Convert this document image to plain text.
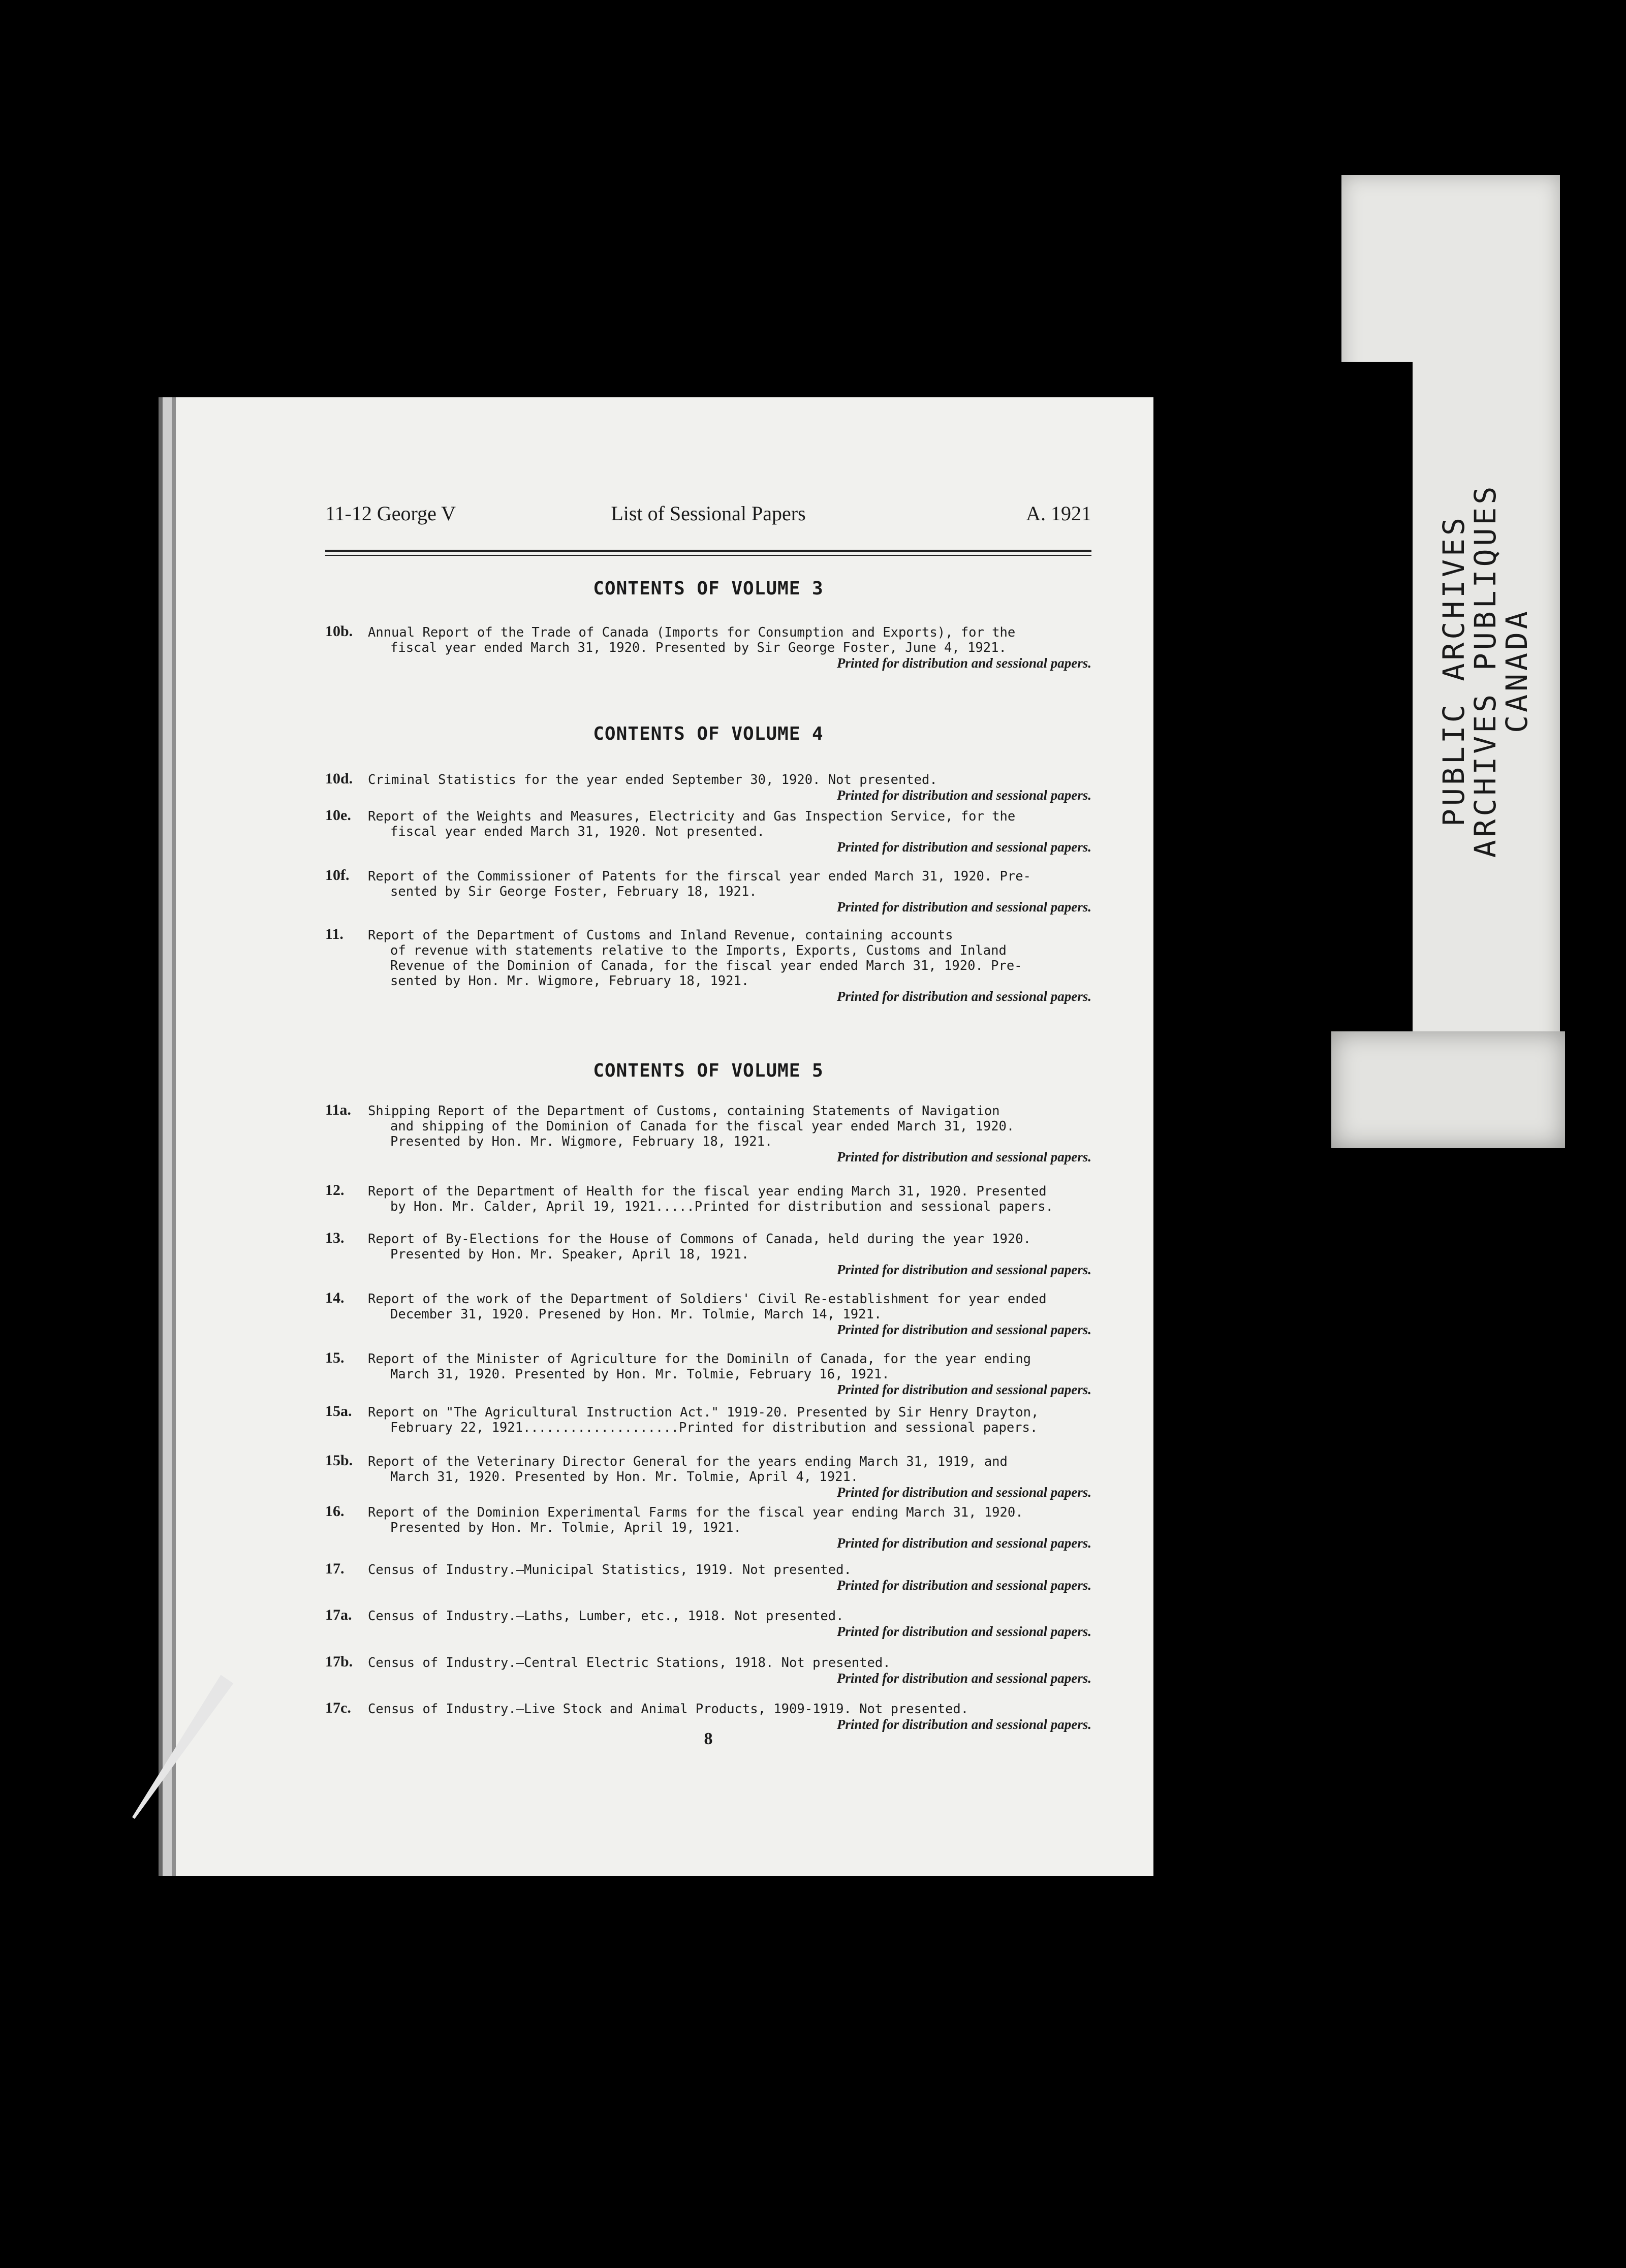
11-12 George V	List of Sessional Papers	A. 1921
CONTENTS OF VOLUME 3
10b.	Annual Report of the Trade of Canada (Imports for Consumption and Exports), for the
fiscal year ended March 31, 1920. Presented by Sir George Foster, June 4, 1921.
Printed for distribution and sessional papers.
CONTENTS OF VOLUME 4
10d.	Criminal Statistics for the year ended September 30, 1920. Not presented.
Printed for distribution and sessional papers.
10e.	Report of the Weights and Measures, Electricity and Gas Inspection Service, for the
fiscal year ended March 31, 1920. Not presented.
Printed for distribution and sessional papers.
10f.	Report of the Commissioner of Patents for the firscal year ended March 31, 1920. Pre-
sented by Sir George Foster, February 18, 1921.
Printed for distribution and sessional papers.
11.	Report of the Department of Customs and Inland Revenue, containing accounts
of revenue with statements relative to the Imports, Exports, Customs and Inland
Revenue of the Dominion of Canada, for the fiscal year ended March 31, 1920. Pre-
sented by Hon. Mr. Wigmore, February 18, 1921.
Printed for distribution and sessional papers.
CONTENTS OF VOLUME 5
11a.	Shipping Report of the Department of Customs, containing Statements of Navigation
and shipping of the Dominion of Canada for the fiscal year ended March 31, 1920.
Presented by Hon. Mr. Wigmore, February 18, 1921.
Printed for distribution and sessional papers.
12.	Report of the Department of Health for the fiscal year ending March 31, 1920. Presented
by Hon. Mr. Calder, April 19, 1921.....Printed for distribution and sessional papers.
13.	Report of By-Elections for the House of Commons of Canada, held during the year 1920.
Presented by Hon. Mr. Speaker, April 18, 1921.
Printed for distribution and sessional papers.
14.	Report of the work of the Department of Soldiers' Civil Re-establishment for year ended
December 31, 1920. Presened by Hon. Mr. Tolmie, March 14, 1921.
Printed for distribution and sessional papers.
15.	Report of the Minister of Agriculture for the Dominiln of Canada, for the year ending
March 31, 1920. Presented by Hon. Mr. Tolmie, February 16, 1921.
Printed for distribution and sessional papers.
15a.	Report on "The Agricultural Instruction Act." 1919-20. Presented by Sir Henry Drayton,
February 22, 1921....................Printed for distribution and sessional papers.
15b.	Report of the Veterinary Director General for the years ending March 31, 1919, and
March 31, 1920. Presented by Hon. Mr. Tolmie, April 4, 1921.
Printed for distribution and sessional papers.
16.	Report of the Dominion Experimental Farms for the fiscal year ending March 31, 1920.
Presented by Hon. Mr. Tolmie, April 19, 1921.
Printed for distribution and sessional papers.
17.	Census of Industry.—Municipal Statistics, 1919. Not presented.
Printed for distribution and sessional papers.
17a.	Census of Industry.—Laths, Lumber, etc., 1918. Not presented.
Printed for distribution and sessional papers.
17b.	Census of Industry.—Central Electric Stations, 1918. Not presented.
Printed for distribution and sessional papers.
17c.	Census of Industry.—Live Stock and Animal Products, 1909-1919. Not presented.
Printed for distribution and sessional papers.
8
PUBLIC ARCHIVES
ARCHIVES PUBLIQUES
CANADA
